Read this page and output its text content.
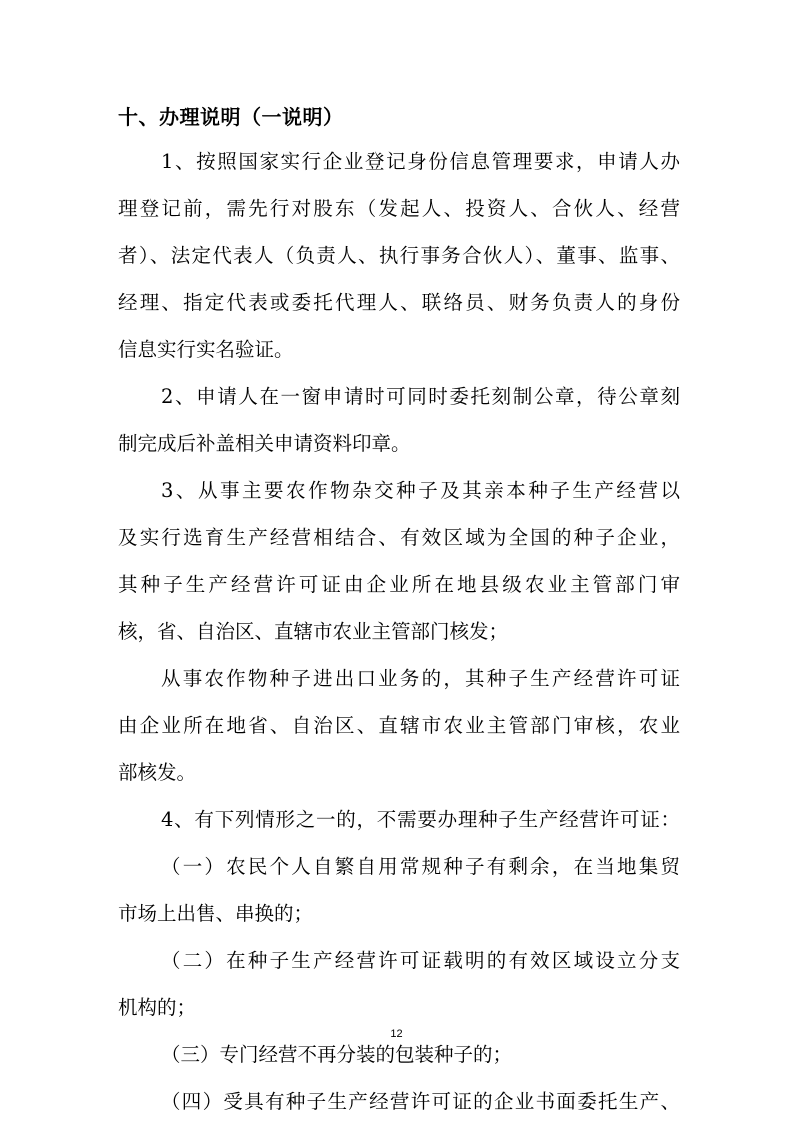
十、办理说明（一说明）
1、按照国家实行企业登记身份信息管理要求，申请人办
理登记前，需先行对股东（发起人、投资人、合伙人、经营
者）、法定代表人（负责人、执行事务合伙人）、董事、监事、
经理、指定代表或委托代理人、联络员、财务负责人的身份
信息实行实名验证。
2、申请人在一窗申请时可同时委托刻制公章，待公章刻
制完成后补盖相关申请资料印章。
3、从事主要农作物杂交种子及其亲本种子生产经营以
及实行选育生产经营相结合、有效区域为全国的种子企业，
其种子生产经营许可证由企业所在地县级农业主管部门审
核，省、自治区、直辖市农业主管部门核发；
从事农作物种子进出口业务的，其种子生产经营许可证
由企业所在地省、自治区、直辖市农业主管部门审核，农业
部核发。
4、有下列情形之一的，不需要办理种子生产经营许可证：
（一）农民个人自繁自用常规种子有剩余，在当地集贸
市场上出售、串换的；
（二）在种子生产经营许可证载明的有效区域设立分支
机构的；
（三）专门经营不再分装的包装种子的；
（四）受具有种子生产经营许可证的企业书面委托生产、
12
